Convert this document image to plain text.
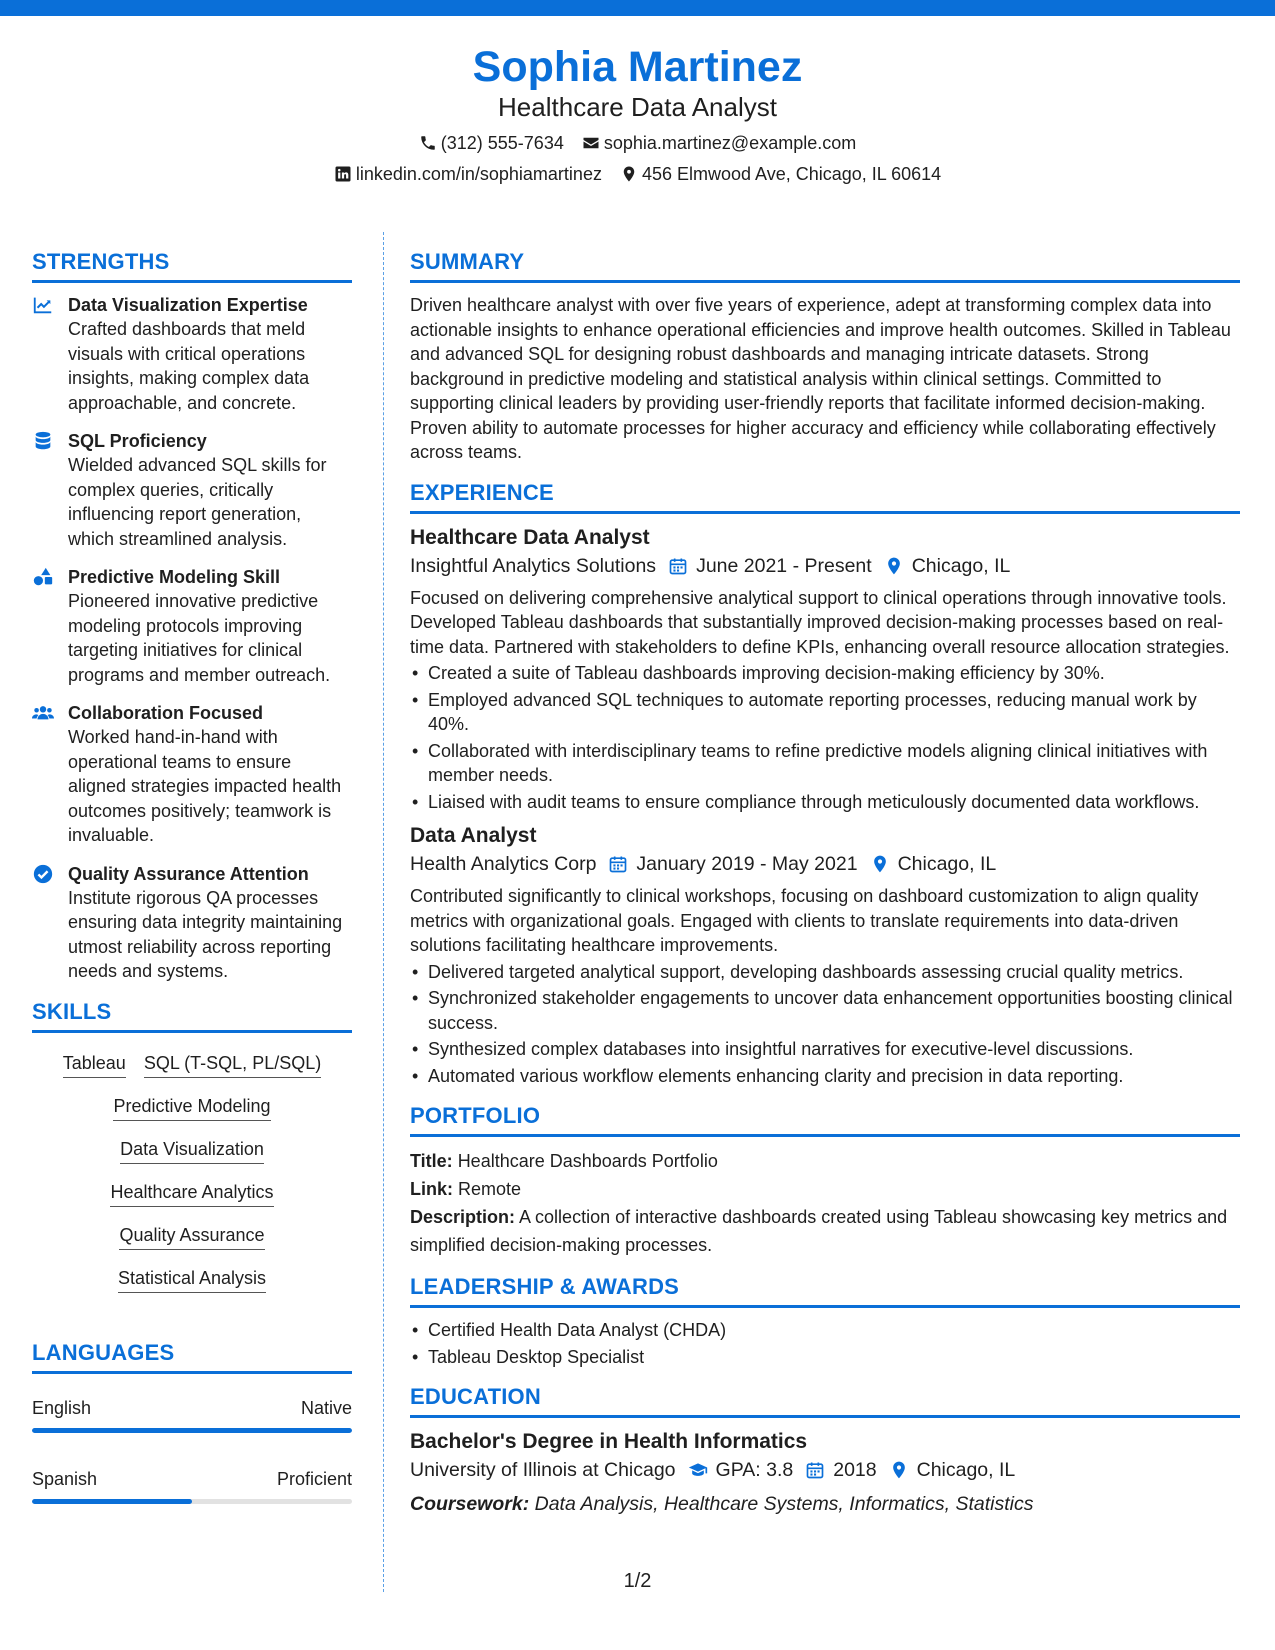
Sophia Martinez
Healthcare Data Analyst
(312) 555-7634 sophia.martinez@example.com
linkedin.com/in/sophiamartinez 456 Elmwood Ave, Chicago, IL 60614
STRENGTHS
Data Visualization Expertise
Crafted dashboards that meld visuals with critical operations insights, making complex data approachable, and concrete.
SQL Proficiency
Wielded advanced SQL skills for complex queries, critically influencing report generation, which streamlined analysis.
Predictive Modeling Skill
Pioneered innovative predictive modeling protocols improving targeting initiatives for clinical programs and member outreach.
Collaboration Focused
Worked hand-in-hand with operational teams to ensure aligned strategies impacted health outcomes positively; teamwork is invaluable.
Quality Assurance Attention
Institute rigorous QA processes ensuring data integrity maintaining utmost reliability across reporting needs and systems.
SKILLS
Tableau SQL (T-SQL, PL/SQL)
Predictive Modeling
Data Visualization
Healthcare Analytics
Quality Assurance
Statistical Analysis
LANGUAGES
English	Native
Spanish	Proficient
SUMMARY
Driven healthcare analyst with over five years of experience, adept at transforming complex data into actionable insights to enhance operational efficiencies and improve health outcomes. Skilled in Tableau and advanced SQL for designing robust dashboards and managing intricate datasets. Strong background in predictive modeling and statistical analysis within clinical settings. Committed to supporting clinical leaders by providing user-friendly reports that facilitate informed decision-making. Proven ability to automate processes for higher accuracy and efficiency while collaborating effectively across teams.
EXPERIENCE
Healthcare Data Analyst
Insightful Analytics Solutions June 2021 - Present Chicago, IL
Focused on delivering comprehensive analytical support to clinical operations through innovative tools. Developed Tableau dashboards that substantially improved decision-making processes based on real-time data. Partnered with stakeholders to define KPIs, enhancing overall resource allocation strategies.
• Created a suite of Tableau dashboards improving decision-making efficiency by 30%.
• Employed advanced SQL techniques to automate reporting processes, reducing manual work by 40%.
• Collaborated with interdisciplinary teams to refine predictive models aligning clinical initiatives with member needs.
• Liaised with audit teams to ensure compliance through meticulously documented data workflows.
Data Analyst
Health Analytics Corp January 2019 - May 2021 Chicago, IL
Contributed significantly to clinical workshops, focusing on dashboard customization to align quality metrics with organizational goals. Engaged with clients to translate requirements into data-driven solutions facilitating healthcare improvements.
• Delivered targeted analytical support, developing dashboards assessing crucial quality metrics.
• Synchronized stakeholder engagements to uncover data enhancement opportunities boosting clinical success.
• Synthesized complex databases into insightful narratives for executive-level discussions.
• Automated various workflow elements enhancing clarity and precision in data reporting.
PORTFOLIO
Title: Healthcare Dashboards Portfolio
Link: Remote
Description: A collection of interactive dashboards created using Tableau showcasing key metrics and simplified decision-making processes.
LEADERSHIP & AWARDS
• Certified Health Data Analyst (CHDA)
• Tableau Desktop Specialist
EDUCATION
Bachelor's Degree in Health Informatics
University of Illinois at Chicago GPA: 3.8 2018 Chicago, IL
Coursework: Data Analysis, Healthcare Systems, Informatics, Statistics
1/2
